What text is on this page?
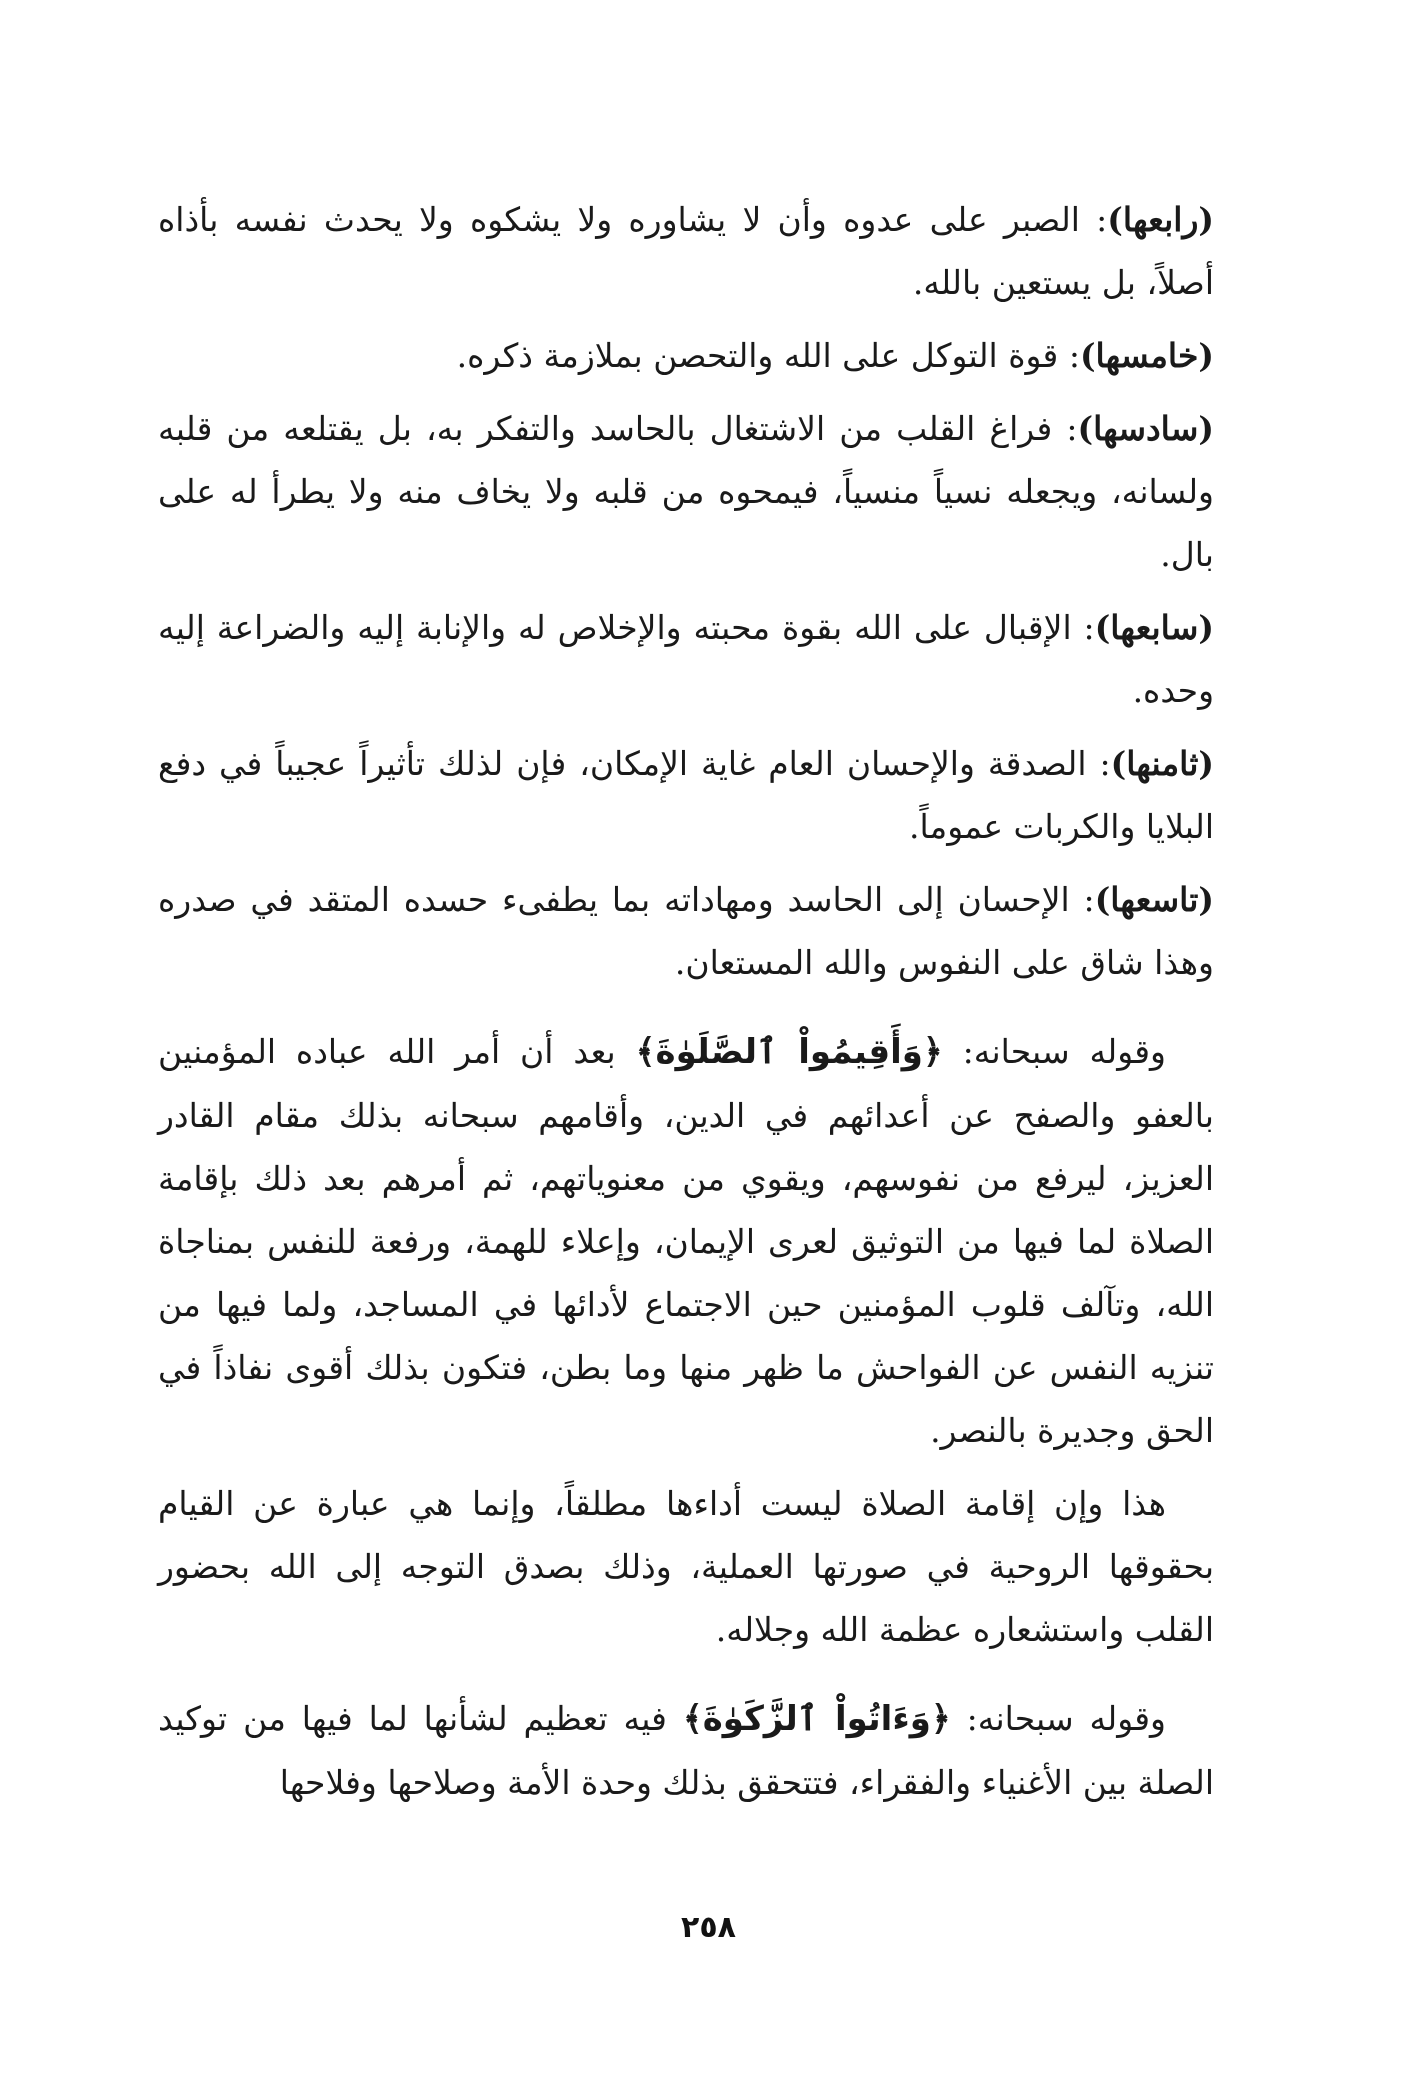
(رابعها): الصبر على عدوه وأن لا يشاوره ولا يشكوه ولا يحدث نفسه بأذاه أصلاً، بل يستعين بالله.

(خامسها): قوة التوكل على الله والتحصن بملازمة ذكره.

(سادسها): فراغ القلب من الاشتغال بالحاسد والتفكر به، بل يقتلعه من قلبه ولسانه، ويجعله نسياً منسياً، فيمحوه من قلبه ولا يخاف منه ولا يطرأ له على بال.

(سابعها): الإقبال على الله بقوة محبته والإخلاص له والإنابة إليه والضراعة إليه وحده.

(ثامنها): الصدقة والإحسان العام غاية الإمكان، فإن لذلك تأثيراً عجيباً في دفع البلايا والكربات عموماً.

(تاسعها): الإحسان إلى الحاسد ومهاداته بما يطفىء حسده المتقد في صدره وهذا شاق على النفوس والله المستعان.

وقوله سبحانه: ﴿وَأَقِيمُواْ ٱلصَّلَوٰةَ﴾ بعد أن أمر الله عباده المؤمنين بالعفو والصفح عن أعدائهم في الدين، وأقامهم سبحانه بذلك مقام القادر العزيز، ليرفع من نفوسهم، ويقوي من معنوياتهم، ثم أمرهم بعد ذلك بإقامة الصلاة لما فيها من التوثيق لعرى الإيمان، وإعلاء للهمة، ورفعة للنفس بمناجاة الله، وتآلف قلوب المؤمنين حين الاجتماع لأدائها في المساجد، ولما فيها من تنزيه النفس عن الفواحش ما ظهر منها وما بطن، فتكون بذلك أقوى نفاذاً في الحق وجديرة بالنصر.

هذا وإن إقامة الصلاة ليست أداءها مطلقاً، وإنما هي عبارة عن القيام بحقوقها الروحية في صورتها العملية، وذلك بصدق التوجه إلى الله بحضور القلب واستشعاره عظمة الله وجلاله.

وقوله سبحانه: ﴿وَءَاتُواْ ٱلزَّكَوٰةَ﴾ فيه تعظيم لشأنها لما فيها من توكيد الصلة بين الأغنياء والفقراء، فتتحقق بذلك وحدة الأمة وصلاحها وفلاحها

٢٥٨
